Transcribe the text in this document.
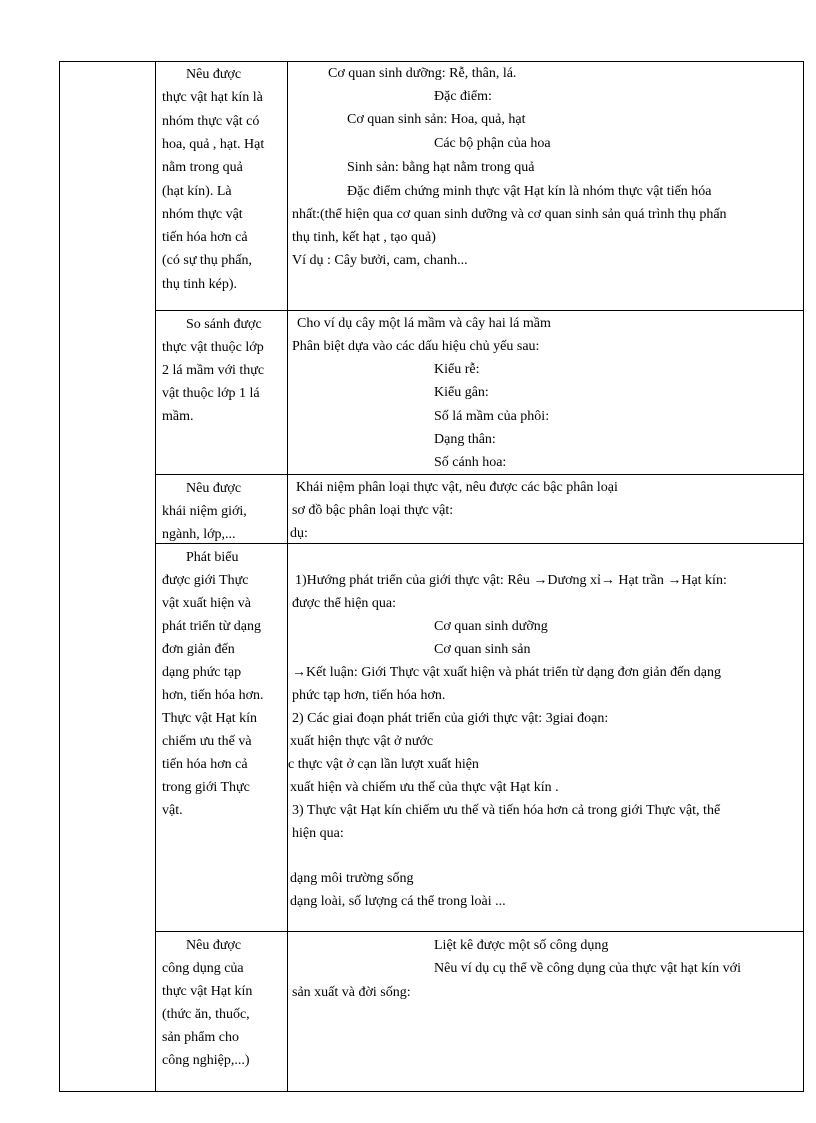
Nêu được
thực vật hạt kín là
nhóm thực vật có
hoa, quả , hạt. Hạt
nằm trong quả
(hạt kín). Là
nhóm thực vật
tiến hóa hơn cả
(có sự thụ phấn,
thụ tinh kép).
Cơ quan sinh dưỡng: Rễ, thân, lá.
Đặc điểm:
Cơ quan sinh sản: Hoa, quả, hạt
Các bộ phận của hoa
Sinh sản: bằng hạt nằm trong quả
Đặc điểm chứng minh thực vật Hạt kín là nhóm thực vật tiến hóa
nhất:(thể hiện qua cơ quan sinh dưỡng và cơ quan sinh sản quá trình thụ phấn
thụ tinh, kết hạt , tạo quả)
Ví dụ : Cây bưởi, cam, chanh...
So sánh được
thực vật thuộc lớp
2 lá mầm với thực
vật thuộc lớp 1 lá
mầm.
Cho ví dụ cây một lá mầm và cây hai lá mầm
Phân biệt dựa vào các dấu hiệu chủ yếu sau:
Kiểu rễ:
Kiểu gân:
Số lá mầm của phôi:
Dạng thân:
Số cánh hoa:
Nêu được
khái niệm giới,
ngành, lớp,...
Khái niệm phân loại thực vật, nêu được các bậc phân loại
sơ đồ bậc phân loại thực vật:
dụ:
Phát biểu
được giới Thực
vật xuất hiện và
phát triển từ dạng
đơn giản đến
dạng phức tạp
hơn, tiến hóa hơn.
Thực vật Hạt kín
chiếm ưu thế và
tiến hóa hơn cả
trong giới Thực
vật.
1)Hướng phát triển của giới thực vật: Rêu →Dương xỉ→ Hạt trần →Hạt kín:
được thể hiện qua:
Cơ quan sinh dưỡng
Cơ quan sinh sản
→Kết luận: Giới Thực vật xuất hiện và phát triển từ dạng đơn giản đến dạng
phức tạp hơn, tiến hóa hơn.
2) Các giai đoạn phát triển của giới thực vật: 3giai đoạn:
xuất hiện thực vật ở nước
c thực vật ở cạn lần lượt xuất hiện
xuất hiện và chiếm ưu thế của thực vật Hạt kín .
3) Thực vật Hạt kín chiếm ưu thế và tiến hóa hơn cả trong giới Thực vật, thể
hiện qua:
dạng môi trường sống
dạng loài, số lượng cá thể trong loài ...
Nêu được
công dụng của
thực vật Hạt kín
(thức ăn, thuốc,
sản phẩm cho
công nghiệp,...)
Liệt kê được một số công dụng
Nêu ví dụ cụ thể về công dụng của thực vật hạt kín với
sản xuất và đời sống:
